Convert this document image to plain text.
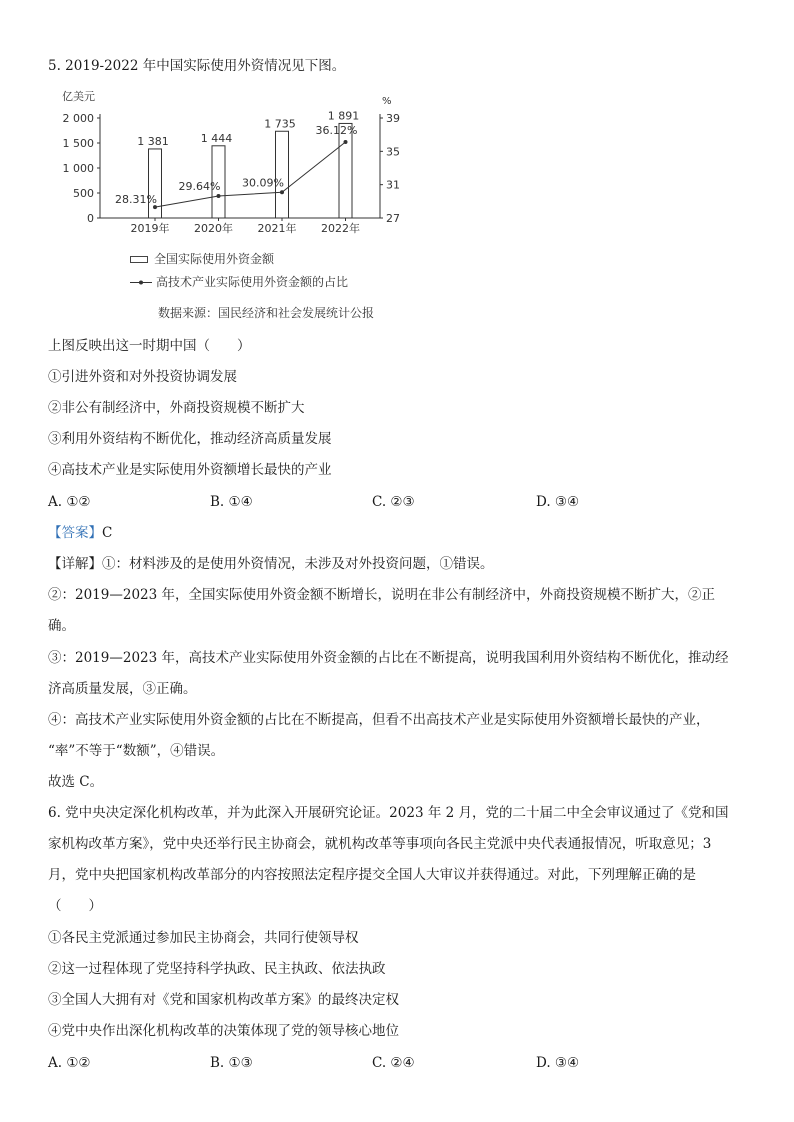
5. 2019-2022 年中国实际使用外资情况见下图。
亿美元	%
2 000
1 500
1 000
500
0
39
35
31
27
1 381
2019年
1 444
2020年
1 735
2021年
1 891
2022年
28.31%
29.64% 30.09%
36.12%
全国实际使用外资金额
高技术产业实际使用外资金额的占比
数据来源：国民经济和社会发展统计公报
上图反映出这一时期中国（　　）
①引进外资和对外投资协调发展
②非公有制经济中，外商投资规模不断扩大
③利用外资结构不断优化，推动经济高质量发展
④高技术产业是实际使用外资额增长最快的产业
A. ①②	B. ①④	C. ②③	D. ③④
【答案】C
【详解】①：材料涉及的是使用外资情况，未涉及对外投资问题，①错误。
②：2019—2023 年，全国实际使用外资金额不断增长，说明在非公有制经济中，外商投资规模不断扩大，②正
确。
③：2019—2023 年，高技术产业实际使用外资金额的占比在不断提高，说明我国利用外资结构不断优化，推动经
济高质量发展，③正确。
④：高技术产业实际使用外资金额的占比在不断提高，但看不出高技术产业是实际使用外资额增长最快的产业，
“率”不等于“数额”，④错误。
故选 C。
6. 党中央决定深化机构改革，并为此深入开展研究论证。2023 年 2 月，党的二十届二中全会审议通过了《党和国
家机构改革方案》，党中央还举行民主协商会，就机构改革等事项向各民主党派中央代表通报情况，听取意见；3
月，党中央把国家机构改革部分的内容按照法定程序提交全国人大审议并获得通过。对此，下列理解正确的是
（　　）
①各民主党派通过参加民主协商会，共同行使领导权
②这一过程体现了党坚持科学执政、民主执政、依法执政
③全国人大拥有对《党和国家机构改革方案》的最终决定权
④党中央作出深化机构改革的决策体现了党的领导核心地位
A. ①②	B. ①③	C. ②④	D. ③④
